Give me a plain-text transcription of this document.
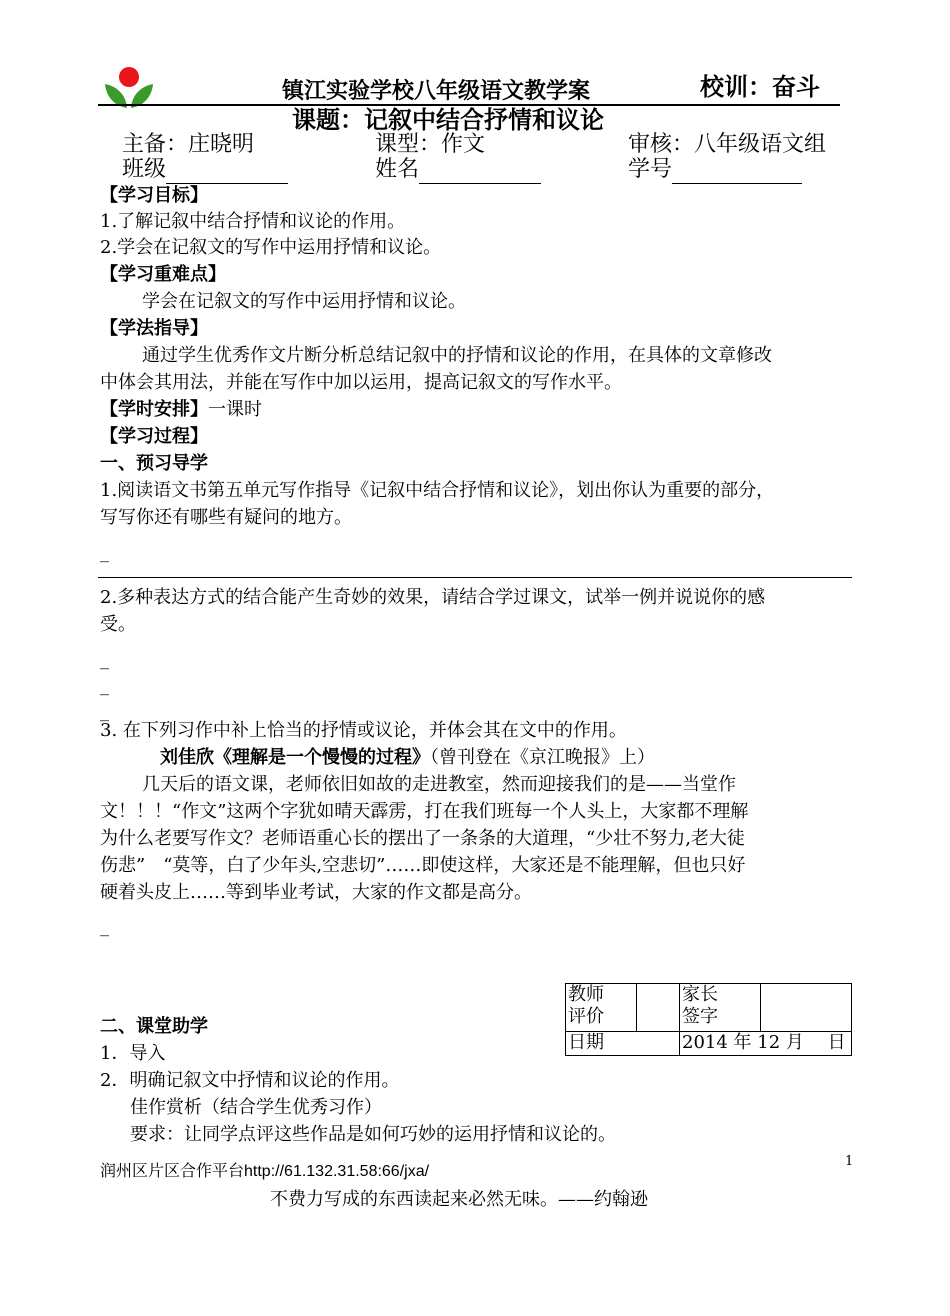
镇江实验学校八年级语文教学案	校训：奋斗
课题：记叙中结合抒情和议论
主备：庄晓明	课型：作文	审核：八年级语文组
班级	姓名	学号
【学习目标】
1.了解记叙中结合抒情和议论的作用。
2.学会在记叙文的写作中运用抒情和议论。
【学习重难点】
学会在记叙文的写作中运用抒情和议论。
【学法指导】
通过学生优秀作文片断分析总结记叙中的抒情和议论的作用，在具体的文章修改
中体会其用法，并能在写作中加以运用，提高记叙文的写作水平。
【学时安排】一课时
【学习过程】
一、预习导学
1.阅读语文书第五单元写作指导《记叙中结合抒情和议论》，划出你认为重要的部分，
写写你还有哪些有疑问的地方。
_
2.多种表达方式的结合能产生奇妙的效果，请结合学过课文，试举一例并说说你的感
受。
_
_
_
3. 在下列习作中补上恰当的抒情或议论，并体会其在文中的作用。
刘佳欣《理解是一个慢慢的过程》（曾刊登在《京江晚报》上）
几天后的语文课，老师依旧如故的走进教室，然而迎接我们的是——当堂作
文！！！“作文”这两个字犹如晴天霹雳，打在我们班每一个人头上，大家都不理解
为什么老要写作文？老师语重心长的摆出了一条条的大道理，“少壮不努力,老大徒
伤悲”　“莫等，白了少年头,空悲切”……即使这样，大家还是不能理解，但也只好
硬着头皮上……等到毕业考试，大家的作文都是高分。
_
教师
评价		家长
签字	
日期		2014 年 12 月　 日	
二、课堂助学
1．导入
2．明确记叙文中抒情和议论的作用。
佳作赏析（结合学生优秀习作）
要求：让同学点评这些作品是如何巧妙的运用抒情和议论的。
1
润州区片区合作平台http://61.132.31.58:66/jxa/
不费力写成的东西读起来必然无味。——约翰逊
